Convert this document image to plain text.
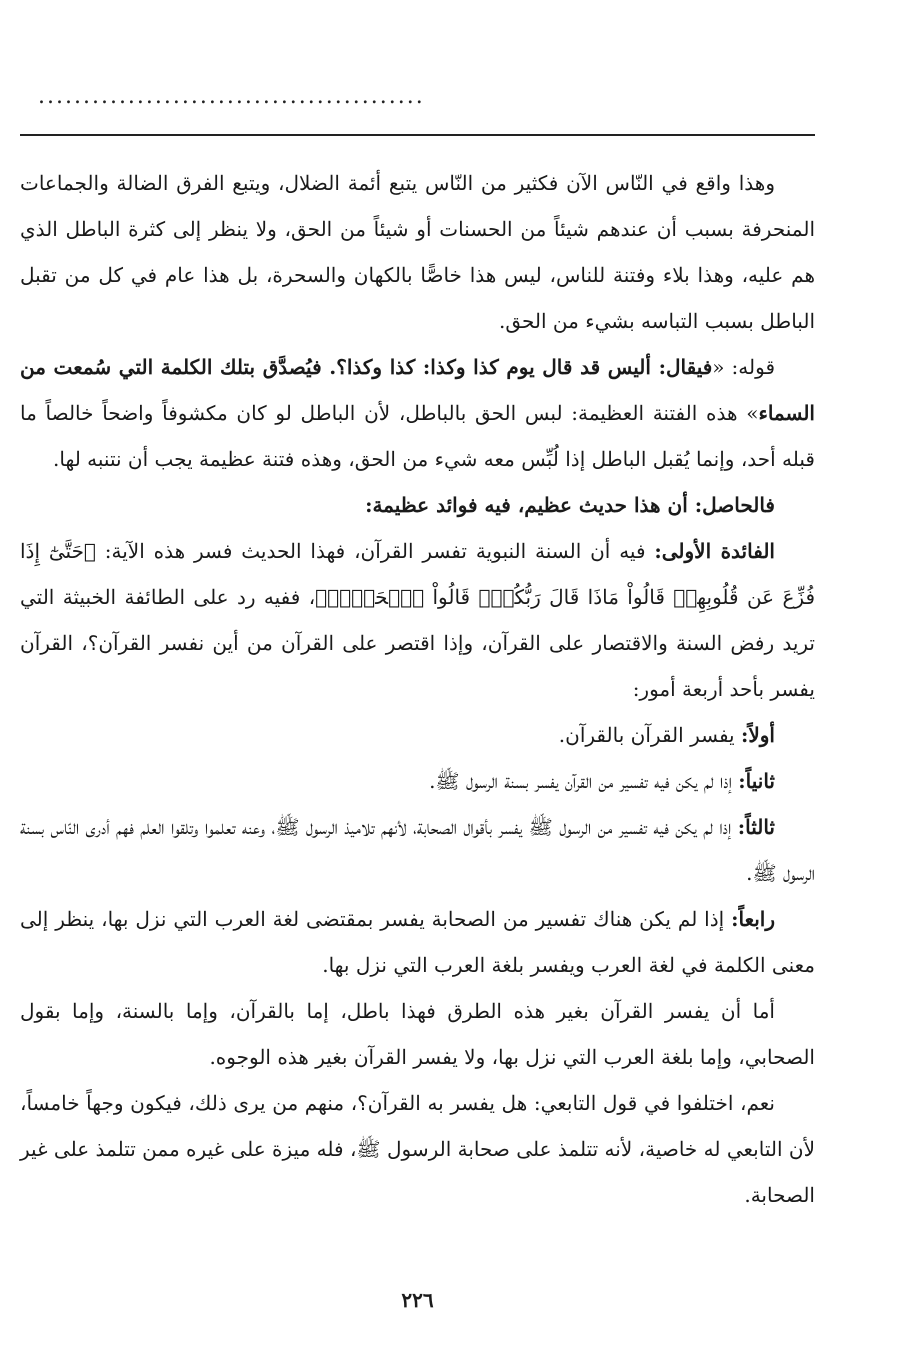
...........................................

وهذا واقع في النّاس الآن فكثير من النّاس يتبع أئمة الضلال، ويتبع الفرق الضالة والجماعات المنحرفة بسبب أن عندهم شيئاً من الحسنات أو شيئاً من الحق، ولا ينظر إلى كثرة الباطل الذي هم عليه، وهذا بلاء وفتنة للناس، ليس هذا خاصًّا بالكهان والسحرة، بل هذا عام في كل من تقبل الباطل بسبب التباسه بشيء من الحق.

قوله: «فيقال: أليس قد قال يوم كذا وكذا: كذا وكذا؟. فيُصدَّق بتلك الكلمة التي سُمعت من السماء» هذه الفتنة العظيمة: لبس الحق بالباطل، لأن الباطل لو كان مكشوفاً واضحاً خالصاً ما قبله أحد، وإنما يُقبل الباطل إذا لُبِّس معه شيء من الحق، وهذه فتنة عظيمة يجب أن نتنبه لها.

فالحاصل: أن هذا حديث عظيم، فيه فوائد عظيمة:

الفائدة الأولى: فيه أن السنة النبوية تفسر القرآن، فهذا الحديث فسر هذه الآية: ﴿حَتَّىٰٓ إِذَا فُزِّعَ عَن قُلُوبِهِمۡ قَالُواْ مَاذَا قَالَ رَبُّكُمۡۖ قَالُواْ ٱلۡحَقَّۖ﴾، ففيه رد على الطائفة الخبيثة التي تريد رفض السنة والاقتصار على القرآن، وإذا اقتصر على القرآن من أين نفسر القرآن؟، القرآن يفسر بأحد أربعة أمور:

أولاً: يفسر القرآن بالقرآن.

ثانياً: إذا لم يكن فيه تفسير من القرآن يفسر بسنة الرسول ﷺ.

ثالثاً: إذا لم يكن فيه تفسير من الرسول ﷺ يفسر بأقوال الصحابة، لأنهم تلاميذ الرسول ﷺ، وعنه تعلموا وتلقوا العلم فهم أدرى النّاس بسنة الرسول ﷺ.

رابعاً: إذا لم يكن هناك تفسير من الصحابة يفسر بمقتضى لغة العرب التي نزل بها، ينظر إلى معنى الكلمة في لغة العرب ويفسر بلغة العرب التي نزل بها.

أما أن يفسر القرآن بغير هذه الطرق فهذا باطل، إما بالقرآن، وإما بالسنة، وإما بقول الصحابي، وإما بلغة العرب التي نزل بها، ولا يفسر القرآن بغير هذه الوجوه.

نعم، اختلفوا في قول التابعي: هل يفسر به القرآن؟، منهم من يرى ذلك، فيكون وجهاً خامساً، لأن التابعي له خاصية، لأنه تتلمذ على صحابة الرسول ﷺ، فله ميزة على غيره ممن تتلمذ على غير الصحابة.

٢٢٦
